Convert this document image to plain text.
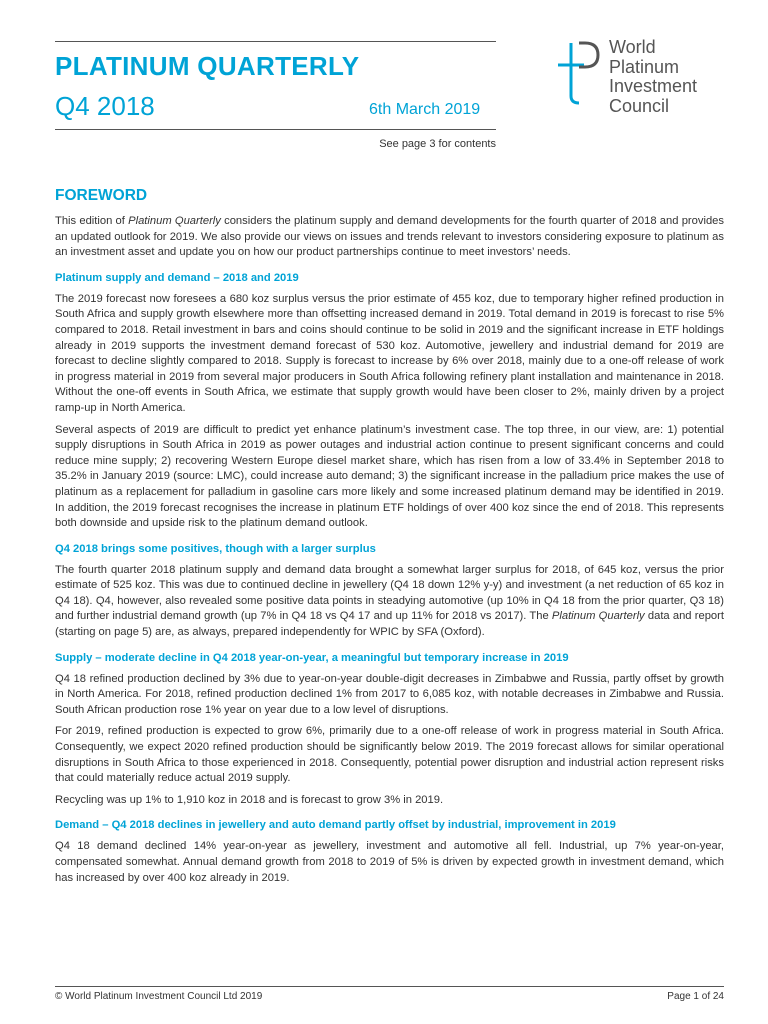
PLATINUM QUARTERLY
Q4 2018	6th March 2019
See page 3 for contents
World
Platinum
Investment
Council
FOREWORD

This edition of Platinum Quarterly considers the platinum supply and demand developments for the fourth quarter of 2018 and provides an updated outlook for 2019. We also provide our views on issues and trends relevant to investors considering exposure to platinum as an investment asset and update you on how our product partnerships continue to meet investors’ needs.

Platinum supply and demand – 2018 and 2019

The 2019 forecast now foresees a 680 koz surplus versus the prior estimate of 455 koz, due to temporary higher refined production in South Africa and supply growth elsewhere more than offsetting increased demand in 2019. Total demand in 2019 is forecast to rise 5% compared to 2018. Retail investment in bars and coins should continue to be solid in 2019 and the significant increase in ETF holdings already in 2019 supports the investment demand forecast of 530 koz. Automotive, jewellery and industrial demand for 2019 are forecast to decline slightly compared to 2018. Supply is forecast to increase by 6% over 2018, mainly due to a one-off release of work in progress material in 2019 from several major producers in South Africa following refinery plant installation and maintenance in 2018. Without the one-off events in South Africa, we estimate that supply growth would have been closer to 2%, mainly driven by a project ramp-up in North America.

Several aspects of 2019 are difficult to predict yet enhance platinum’s investment case. The top three, in our view, are: 1) potential supply disruptions in South Africa in 2019 as power outages and industrial action continue to present significant concerns and could reduce mine supply; 2) recovering Western Europe diesel market share, which has risen from a low of 33.4% in September 2018 to 35.2% in January 2019 (source: LMC), could increase auto demand; 3) the significant increase in the palladium price makes the use of platinum as a replacement for palladium in gasoline cars more likely and some increased platinum demand may be identified in 2019. In addition, the 2019 forecast recognises the increase in platinum ETF holdings of over 400 koz since the end of 2018. This represents both downside and upside risk to the platinum demand outlook.

Q4 2018 brings some positives, though with a larger surplus

The fourth quarter 2018 platinum supply and demand data brought a somewhat larger surplus for 2018, of 645 koz, versus the prior estimate of 525 koz. This was due to continued decline in jewellery (Q4 18 down 12% y-y) and investment (a net reduction of 65 koz in Q4 18). Q4, however, also revealed some positive data points in steadying automotive (up 10% in Q4 18 from the prior quarter, Q3 18) and further industrial demand growth (up 7% in Q4 18 vs Q4 17 and up 11% for 2018 vs 2017). The Platinum Quarterly data and report (starting on page 5) are, as always, prepared independently for WPIC by SFA (Oxford).

Supply – moderate decline in Q4 2018 year-on-year, a meaningful but temporary increase in 2019

Q4 18 refined production declined by 3% due to year-on-year double-digit decreases in Zimbabwe and Russia, partly offset by growth in North America. For 2018, refined production declined 1% from 2017 to 6,085 koz, with notable decreases in Zimbabwe and Russia. South African production rose 1% year on year due to a low level of disruptions.

For 2019, refined production is expected to grow 6%, primarily due to a one-off release of work in progress material in South Africa. Consequently, we expect 2020 refined production should be significantly below 2019. The 2019 forecast allows for similar operational disruptions in South Africa to those experienced in 2018. Consequently, potential power disruption and industrial action represent risks that could materially reduce actual 2019 supply.

Recycling was up 1% to 1,910 koz in 2018 and is forecast to grow 3% in 2019.

Demand – Q4 2018 declines in jewellery and auto demand partly offset by industrial, improvement in 2019

Q4 18 demand declined 14% year-on-year as jewellery, investment and automotive all fell. Industrial, up 7% year-on-year, compensated somewhat. Annual demand growth from 2018 to 2019 of 5% is driven by expected growth in investment demand, which has increased by over 400 koz already in 2019.

© World Platinum Investment Council Ltd 2019	Page 1 of 24
